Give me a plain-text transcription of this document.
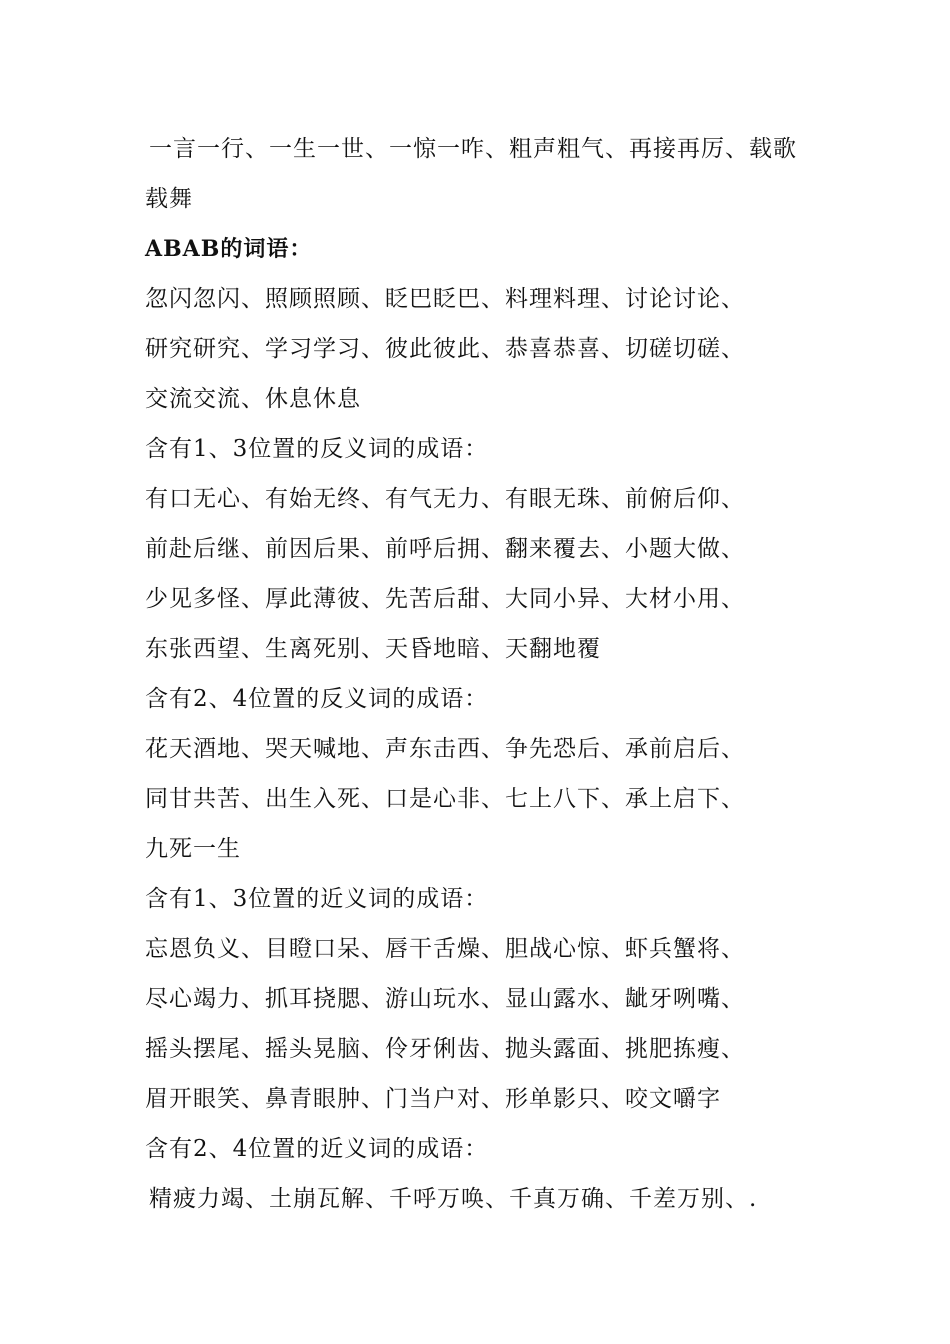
一言一行、一生一世、一惊一咋、粗声粗气、再接再厉、载歌
载舞
ABAB的词语：
忽闪忽闪、照顾照顾、眨巴眨巴、料理料理、讨论讨论、
研究研究、学习学习、彼此彼此、恭喜恭喜、切磋切磋、
交流交流、休息休息
含有1、3位置的反义词的成语：
有口无心、有始无终、有气无力、有眼无珠、前俯后仰、
前赴后继、前因后果、前呼后拥、翻来覆去、小题大做、
少见多怪、厚此薄彼、先苦后甜、大同小异、大材小用、
东张西望、生离死别、天昏地暗、天翻地覆
含有2、4位置的反义词的成语：
花天酒地、哭天喊地、声东击西、争先恐后、承前启后、
同甘共苦、出生入死、口是心非、七上八下、承上启下、
九死一生
含有1、3位置的近义词的成语：
忘恩负义、目瞪口呆、唇干舌燥、胆战心惊、虾兵蟹将、
尽心竭力、抓耳挠腮、游山玩水、显山露水、龇牙咧嘴、
摇头摆尾、摇头晃脑、伶牙俐齿、抛头露面、挑肥拣瘦、
眉开眼笑、鼻青眼肿、门当户对、形单影只、咬文嚼字
含有2、4位置的近义词的成语：
精疲力竭、土崩瓦解、千呼万唤、千真万确、千差万别、.
